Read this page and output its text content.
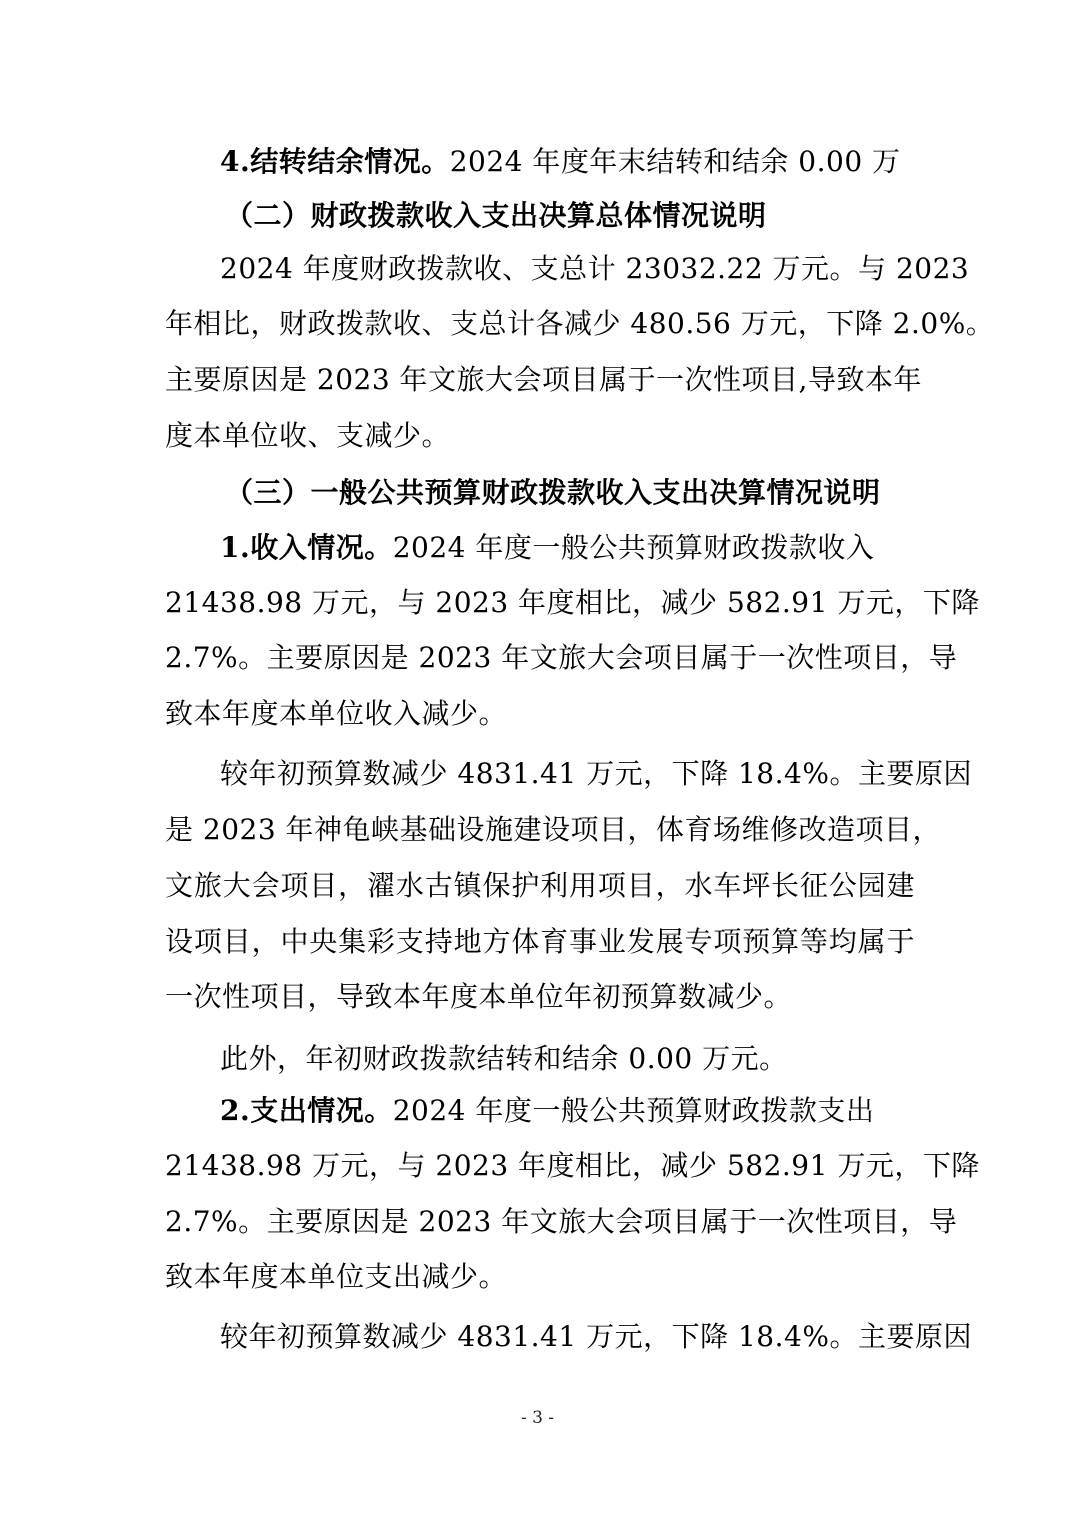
4.结转结余情况。2024 年度年末结转和结余 0.00 万
（二）财政拨款收入支出决算总体情况说明
2024 年度财政拨款收、支总计 23032.22 万元。与 2023
年相比，财政拨款收、支总计各减少 480.56 万元，下降 2.0%。
主要原因是 2023 年文旅大会项目属于一次性项目,导致本年
度本单位收、支减少。
（三）一般公共预算财政拨款收入支出决算情况说明
1.收入情况。2024 年度一般公共预算财政拨款收入
21438.98 万元，与 2023 年度相比，减少 582.91 万元，下降
2.7%。主要原因是 2023 年文旅大会项目属于一次性项目，导
致本年度本单位收入减少。
较年初预算数减少 4831.41 万元，下降 18.4%。主要原因
是 2023 年神龟峡基础设施建设项目，体育场维修改造项目，
文旅大会项目，濯水古镇保护利用项目，水车坪长征公园建
设项目，中央集彩支持地方体育事业发展专项预算等均属于
一次性项目，导致本年度本单位年初预算数减少。
此外，年初财政拨款结转和结余 0.00 万元。
2.支出情况。2024 年度一般公共预算财政拨款支出
21438.98 万元，与 2023 年度相比，减少 582.91 万元，下降
2.7%。主要原因是 2023 年文旅大会项目属于一次性项目，导
致本年度本单位支出减少。
较年初预算数减少 4831.41 万元，下降 18.4%。主要原因
- 3 -
